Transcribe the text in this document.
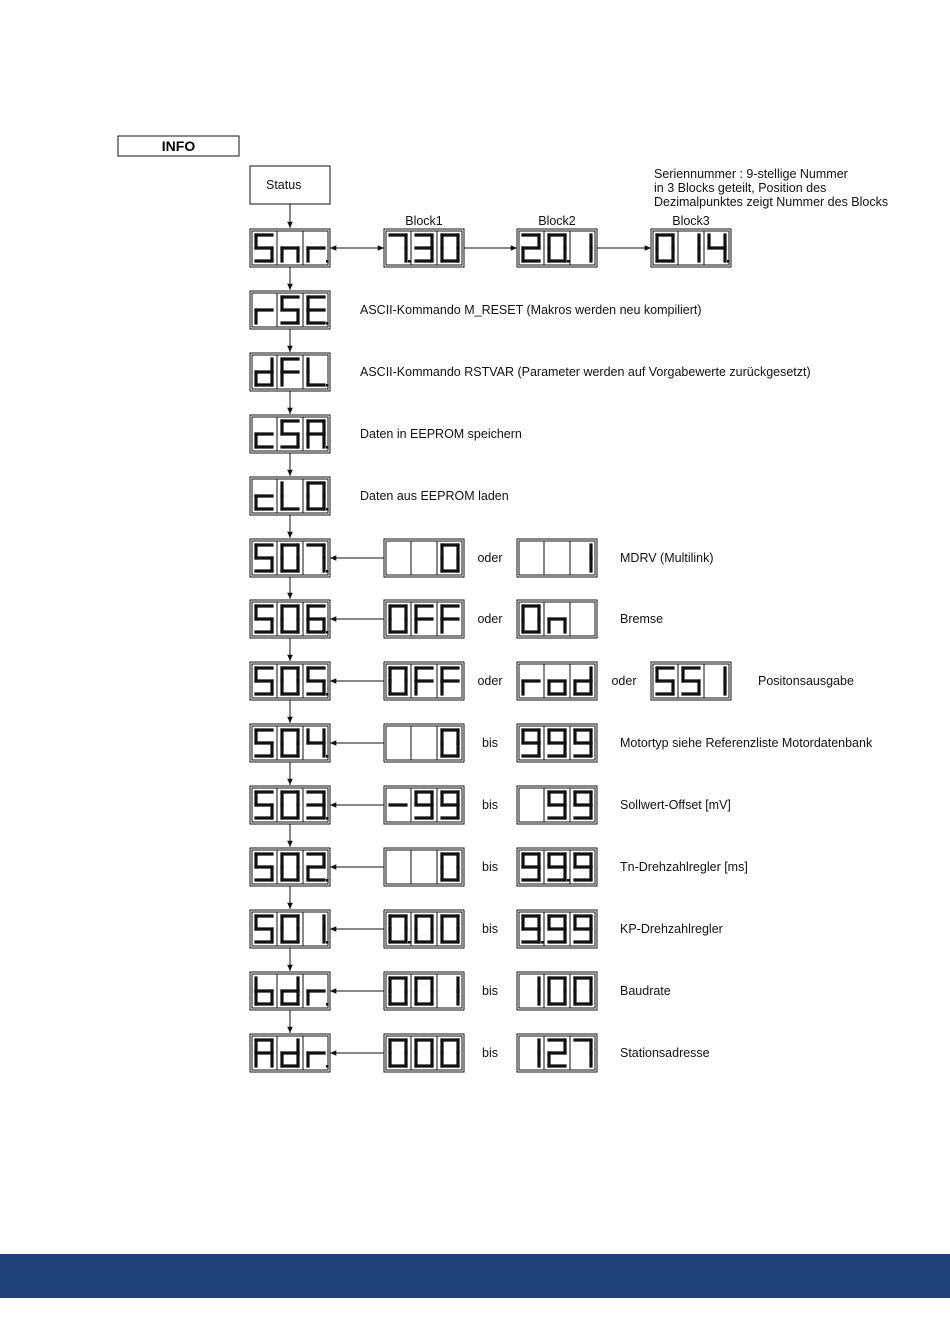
INFO
Status
Seriennummer : 9-stellige Nummer
in 3 Blocks geteilt, Position des
Dezimalpunktes zeigt Nummer des Blocks
Block1	Block2	Block3
ASCII-Kommando M_RESET (Makros werden neu kompiliert)
ASCII-Kommando RSTVAR (Parameter werden auf Vorgabewerte zurückgesetzt)
Daten in EEPROM speichern
Daten aus EEPROM laden
oder	MDRV (Multilink)
oder	Bremse
oder	oder	Positonsausgabe
bis	Motortyp siehe Referenzliste Motordatenbank
bis	Sollwert-Offset [mV]
bis	Tn-Drehzahlregler [ms]
bis	KP-Drehzahlregler
bis	Baudrate
bis	Stationsadresse
